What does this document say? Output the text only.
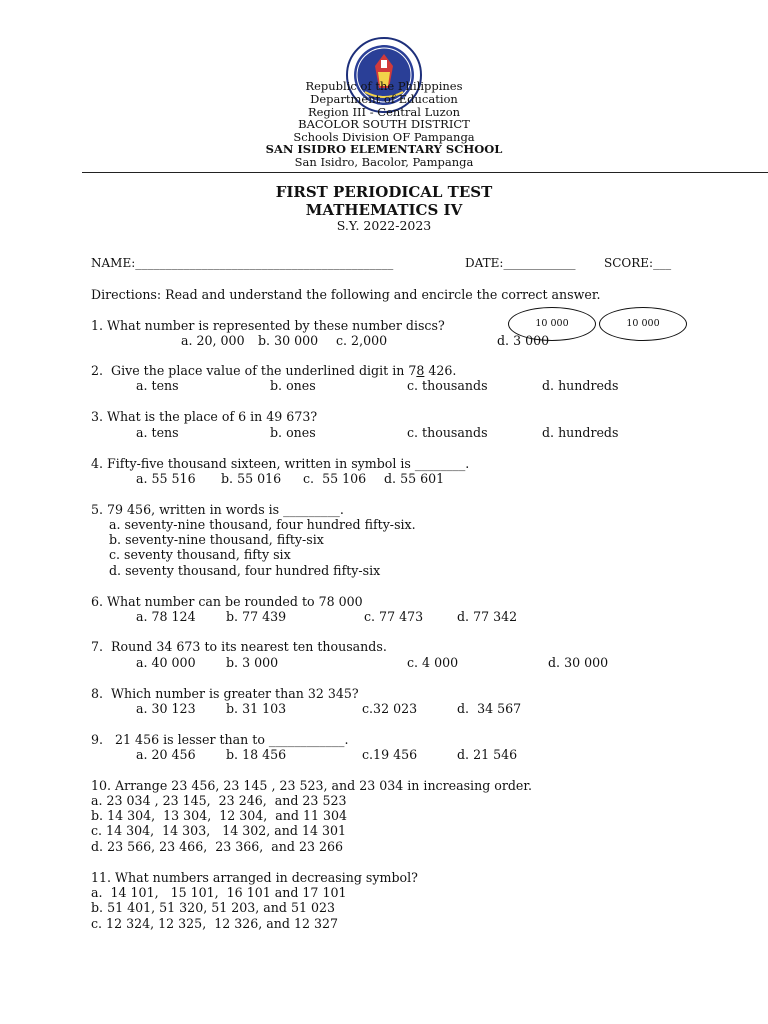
Republic of the Philippines
Department of Education
Region III - Central Luzon
BACOLOR SOUTH DISTRICT
Schools Division OF Pampanga
SAN ISIDRO ELEMENTARY SCHOOL
San Isidro, Bacolor, Pampanga
FIRST PERIODICAL TEST
MATHEMATICS IV
S.Y. 2022-2023
NAME:___________________________________________	DATE:____________ SCORE:___
Directions: Read and understand the following and encircle the correct answer.
1. What number is represented by these number discs?	10 000	10 000
a. 20, 000 b. 30 000 c. 2,000	d. 3 000
2.  Give the place value of the underlined digit in 78 426.
a. tens	b. ones	c. thousands	d. hundreds
3. What is the place of 6 in 49 673?
a. tens	b. ones	c. thousands	d. hundreds
4. Fifty-five thousand sixteen, written in symbol is ________.
a. 55 516 b. 55 016 c.  55 106 d. 55 601
5. 79 456, written in words is _________.
a. seventy-nine thousand, four hundred fifty-six.
b. seventy-nine thousand, fifty-six
c. seventy thousand, fifty six
d. seventy thousand, four hundred fifty-six
6. What number can be rounded to 78 000
a. 78 124 b. 77 439	c. 77 473	d. 77 342
7.  Round 34 673 to its nearest ten thousands.
a. 40 000 b. 3 000	c. 4 000	d. 30 000
8.  Which number is greater than 32 345?
a. 30 123 b. 31 103	c.32 023	d.  34 567
9.   21 456 is lesser than to ____________.
a. 20 456 b. 18 456	c.19 456	d. 21 546
10. Arrange 23 456, 23 145 , 23 523, and 23 034 in increasing order.
a. 23 034 , 23 145,  23 246,  and 23 523
b. 14 304,  13 304,  12 304,  and 11 304
c. 14 304,  14 303,   14 302, and 14 301
d. 23 566, 23 466,  23 366,  and 23 266
11. What numbers arranged in decreasing symbol?
a.  14 101,   15 101,  16 101 and 17 101
b. 51 401, 51 320, 51 203, and 51 023
c. 12 324, 12 325,  12 326, and 12 327
